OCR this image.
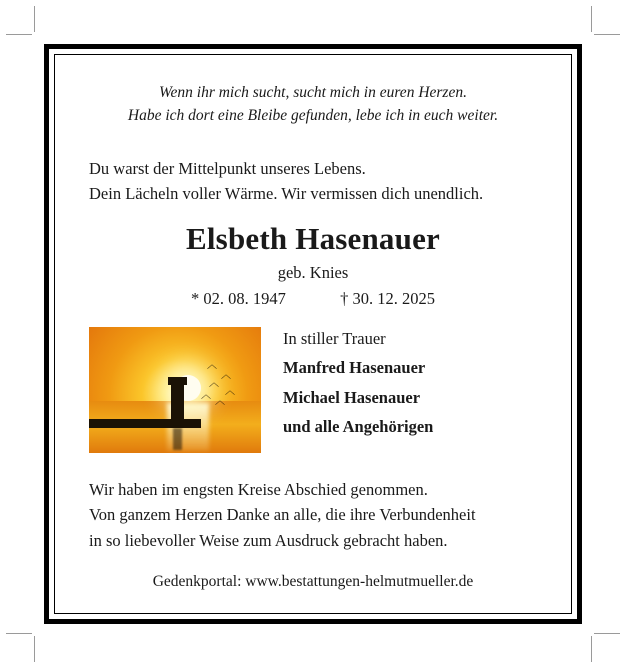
Wenn ihr mich sucht, sucht mich in euren Herzen.
Habe ich dort eine Bleibe gefunden, lebe ich in euch weiter.
Du warst der Mittelpunkt unseres Lebens.
Dein Lächeln voller Wärme. Wir vermissen dich unendlich.
Elsbeth Hasenauer
geb. Knies
* 02. 08. 1947	† 30. 12. 2025
︿
︿
︿
︿
︿
︿
In stiller Trauer
Manfred Hasenauer
Michael Hasenauer
und alle Angehörigen
Wir haben im engsten Kreise Abschied genommen.
Von ganzem Herzen Danke an alle, die ihre Verbundenheit
in so liebevoller Weise zum Ausdruck gebracht haben.
Gedenkportal: www.bestattungen-helmutmueller.de
